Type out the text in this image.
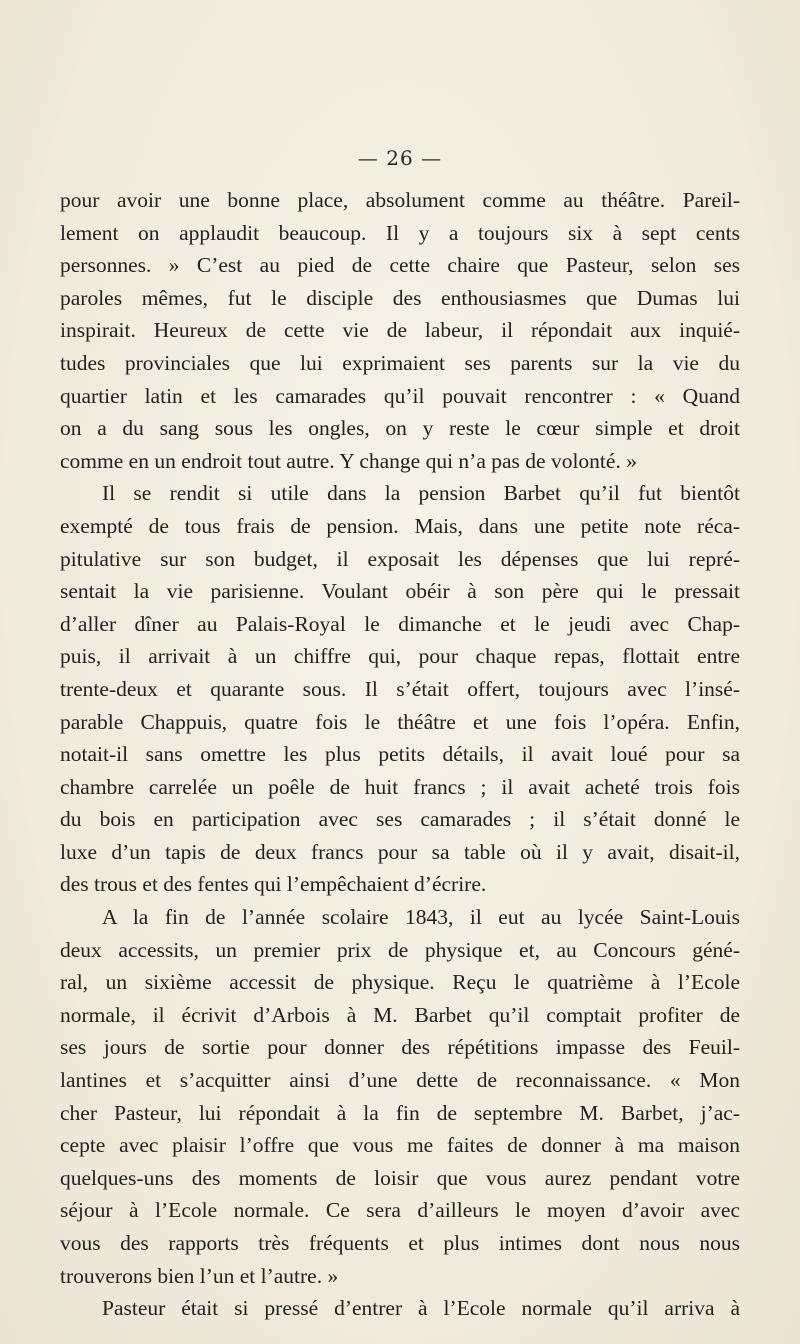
— 26 —
pour avoir une bonne place, absolument comme au théâtre. Pareil-
lement on applaudit beaucoup. Il y a toujours six à sept cents
personnes. » C’est au pied de cette chaire que Pasteur, selon ses
paroles mêmes, fut le disciple des enthousiasmes que Dumas lui
inspirait. Heureux de cette vie de labeur, il répondait aux inquié-
tudes provinciales que lui exprimaient ses parents sur la vie du
quartier latin et les camarades qu’il pouvait rencontrer : « Quand
on a du sang sous les ongles, on y reste le cœur simple et droit
comme en un endroit tout autre. Y change qui n’a pas de volonté. »
Il se rendit si utile dans la pension Barbet qu’il fut bientôt
exempté de tous frais de pension. Mais, dans une petite note réca-
pitulative sur son budget, il exposait les dépenses que lui repré-
sentait la vie parisienne. Voulant obéir à son père qui le pressait
d’aller dîner au Palais-Royal le dimanche et le jeudi avec Chap-
puis, il arrivait à un chiffre qui, pour chaque repas, flottait entre
trente-deux et quarante sous. Il s’était offert, toujours avec l’insé-
parable Chappuis, quatre fois le théâtre et une fois l’opéra. Enfin,
notait-il sans omettre les plus petits détails, il avait loué pour sa
chambre carrelée un poêle de huit francs ; il avait acheté trois fois
du bois en participation avec ses camarades ; il s’était donné le
luxe d’un tapis de deux francs pour sa table où il y avait, disait-il,
des trous et des fentes qui l’empêchaient d’écrire.
A la fin de l’année scolaire 1843, il eut au lycée Saint-Louis
deux accessits, un premier prix de physique et, au Concours géné-
ral, un sixième accessit de physique. Reçu le quatrième à l’Ecole
normale, il écrivit d’Arbois à M. Barbet qu’il comptait profiter de
ses jours de sortie pour donner des répétitions impasse des Feuil-
lantines et s’acquitter ainsi d’une dette de reconnaissance. « Mon
cher Pasteur, lui répondait à la fin de septembre M. Barbet, j’ac-
cepte avec plaisir l’offre que vous me faites de donner à ma maison
quelques-uns des moments de loisir que vous aurez pendant votre
séjour à l’Ecole normale. Ce sera d’ailleurs le moyen d’avoir avec
vous des rapports très fréquents et plus intimes dont nous nous
trouverons bien l’un et l’autre. »
Pasteur était si pressé d’entrer à l’Ecole normale qu’il arriva à
